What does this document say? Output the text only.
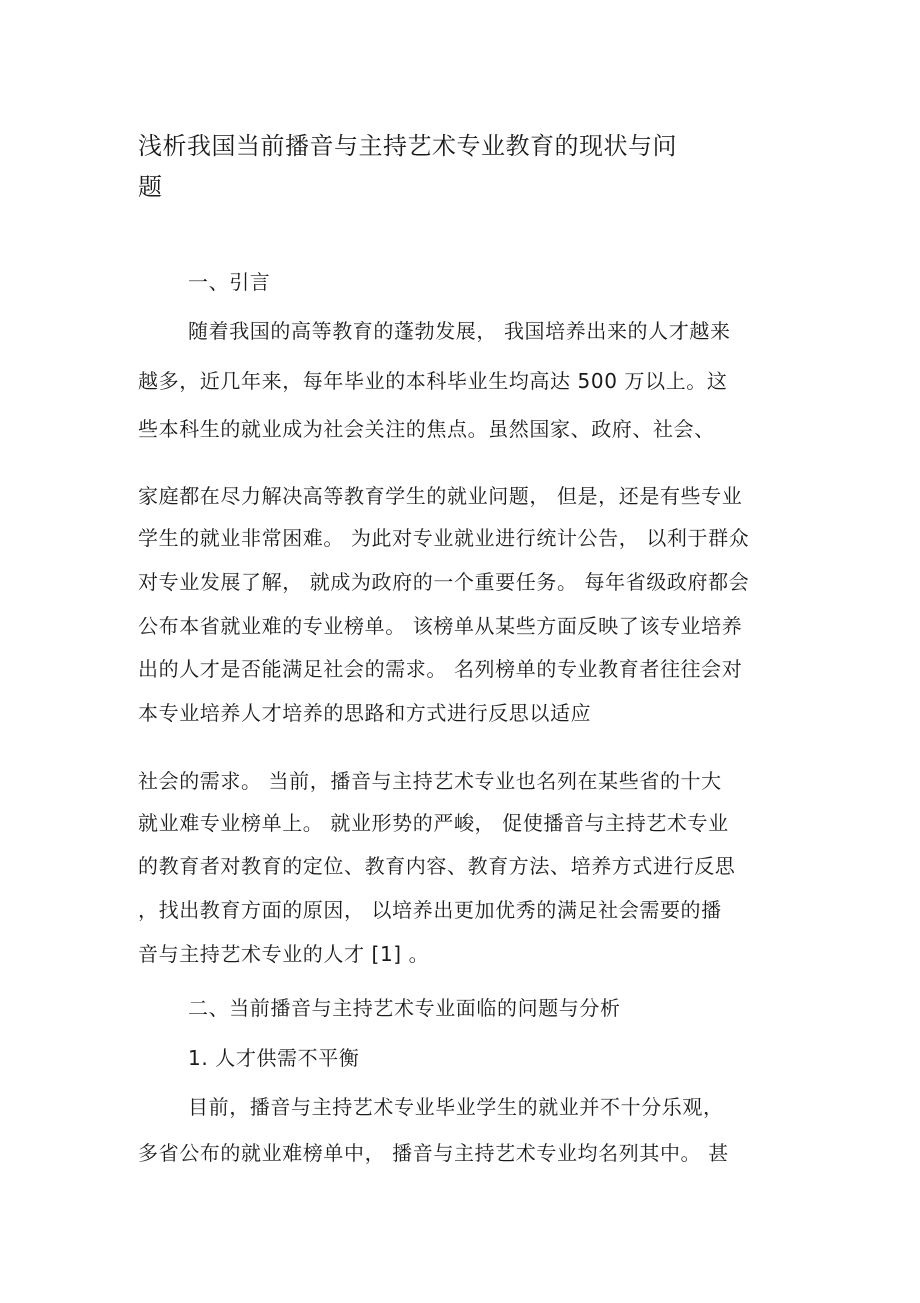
浅析我国当前播音与主持艺术专业教育的现状与问
题
一、引言
随着我国的高等教育的蓬勃发展， 我国培养出来的人才越来
越多，近几年来，每年毕业的本科毕业生均高达 500 万以上。这
些本科生的就业成为社会关注的焦点。虽然国家、政府、社会、
家庭都在尽力解决高等教育学生的就业问题， 但是，还是有些专业
学生的就业非常困难。 为此对专业就业进行统计公告， 以利于群众
对专业发展了解， 就成为政府的一个重要任务。 每年省级政府都会
公布本省就业难的专业榜单。 该榜单从某些方面反映了该专业培养
出的人才是否能满足社会的需求。 名列榜单的专业教育者往往会对
本专业培养人才培养的思路和方式进行反思以适应
社会的需求。 当前，播音与主持艺术专业也名列在某些省的十大
就业难专业榜单上。 就业形势的严峻， 促使播音与主持艺术专业
的教育者对教育的定位、教育内容、教育方法、培养方式进行反思
，找出教育方面的原因， 以培养出更加优秀的满足社会需要的播
音与主持艺术专业的人才 [1] 。
二、当前播音与主持艺术专业面临的问题与分析
1. 人才供需不平衡
目前，播音与主持艺术专业毕业学生的就业并不十分乐观，
多省公布的就业难榜单中， 播音与主持艺术专业均名列其中。 甚
